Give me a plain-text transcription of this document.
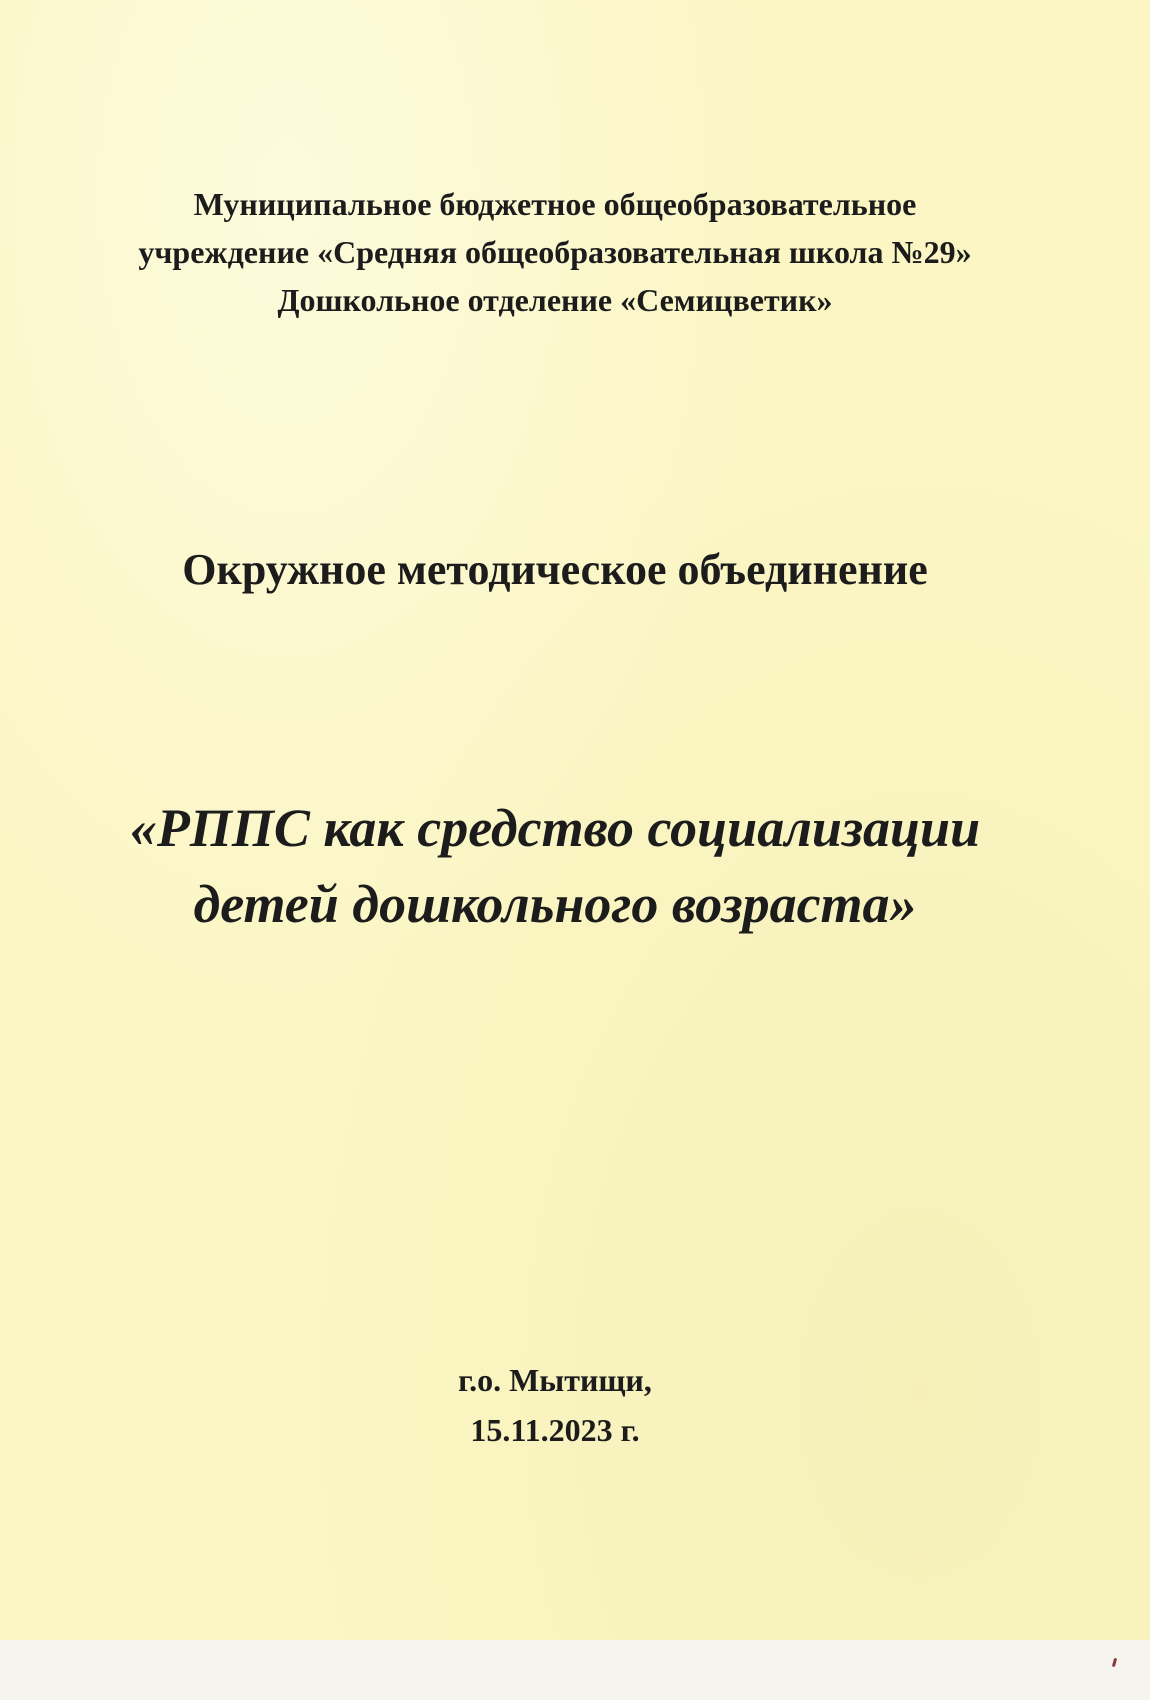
Муниципальное бюджетное общеобразовательное
учреждение «Средняя общеобразовательная школа №29»
Дошкольное отделение «Семицветик»
Окружное методическое объединение
«РППС как средство социализации
детей дошкольного возраста»
г.о. Мытищи,
15.11.2023 г.
